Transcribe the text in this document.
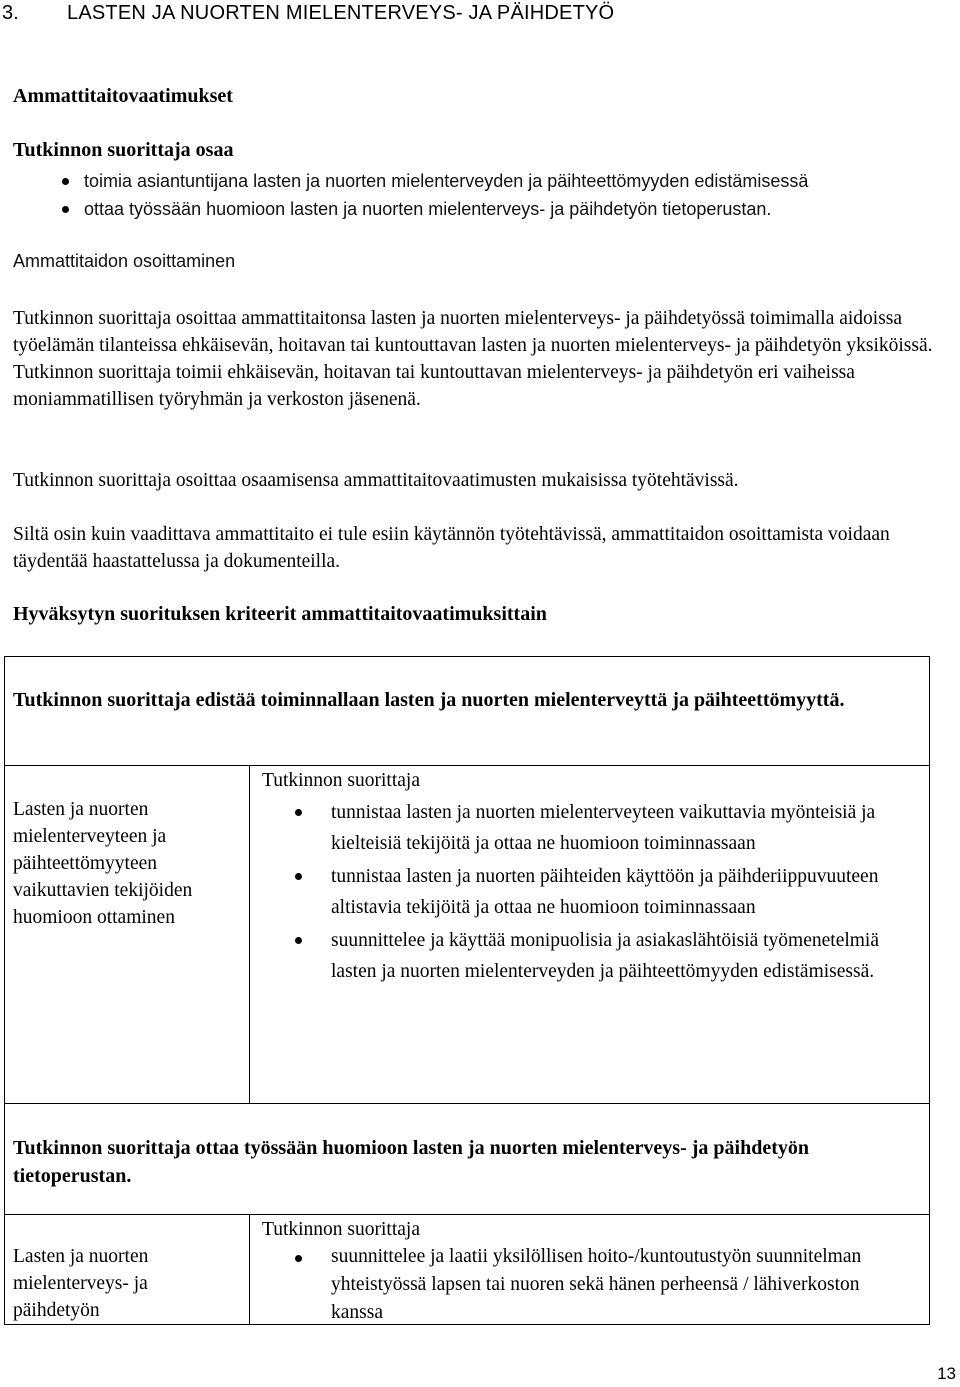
3. LASTEN JA NUORTEN MIELENTERVEYS- JA PÄIHDETYÖ
Ammattitaitovaatimukset
Tutkinnon suorittaja osaa
toimia asiantuntijana lasten ja nuorten mielenterveyden ja päihteettömyyden edistämisessä
ottaa työssään huomioon lasten ja nuorten mielenterveys- ja päihdetyön tietoperustan.
Ammattitaidon osoittaminen
Tutkinnon suorittaja osoittaa ammattitaitonsa lasten ja nuorten mielenterveys- ja päihdetyössä toimimalla aidoissa työelämän tilanteissa ehkäisevän, hoitavan tai kuntouttavan lasten ja nuorten mielenterveys- ja päihdetyön yksiköissä. Tutkinnon suorittaja toimii ehkäisevän, hoitavan tai kuntouttavan mielenterveys- ja päihdetyön eri vaiheissa moniammatillisen työryhmän ja verkoston jäsenenä.
Tutkinnon suorittaja osoittaa osaamisensa ammattitaitovaatimusten mukaisissa työtehtävissä.
Siltä osin kuin vaadittava ammattitaito ei tule esiin käytännön työtehtävissä, ammattitaidon osoittamista voidaan täydentää haastattelussa ja dokumenteilla.
Hyväksytyn suorituksen kriteerit ammattitaitovaatimuksittain
Tutkinnon suorittaja edistää toiminnallaan lasten ja nuorten mielenterveyttä ja päihteettömyyttä.
Lasten ja nuorten mielenterveyteen ja päihteettömyyteen vaikuttavien tekijöiden huomioon ottaminen
Tutkinnon suorittaja
tunnistaa lasten ja nuorten mielenterveyteen vaikuttavia myönteisiä ja kielteisiä tekijöitä ja ottaa ne huomioon toiminnassaan
tunnistaa lasten ja nuorten päihteiden käyttöön ja päihderiippuvuuteen altistavia tekijöitä ja ottaa ne huomioon toiminnassaan
suunnittelee ja käyttää monipuolisia ja asiakaslähtöisiä työmenetelmiä lasten ja nuorten mielenterveyden ja päihteettömyyden edistämisessä.
Tutkinnon suorittaja ottaa työssään huomioon lasten ja nuorten mielenterveys- ja päihdetyön tietoperustan.
Lasten ja nuorten mielenterveys- ja päihdetyön
Tutkinnon suorittaja
suunnittelee ja laatii yksilöllisen hoito-/kuntoutustyön suunnitelman yhteistyössä lapsen tai nuoren sekä hänen perheensä / lähiverkoston kanssa
13
